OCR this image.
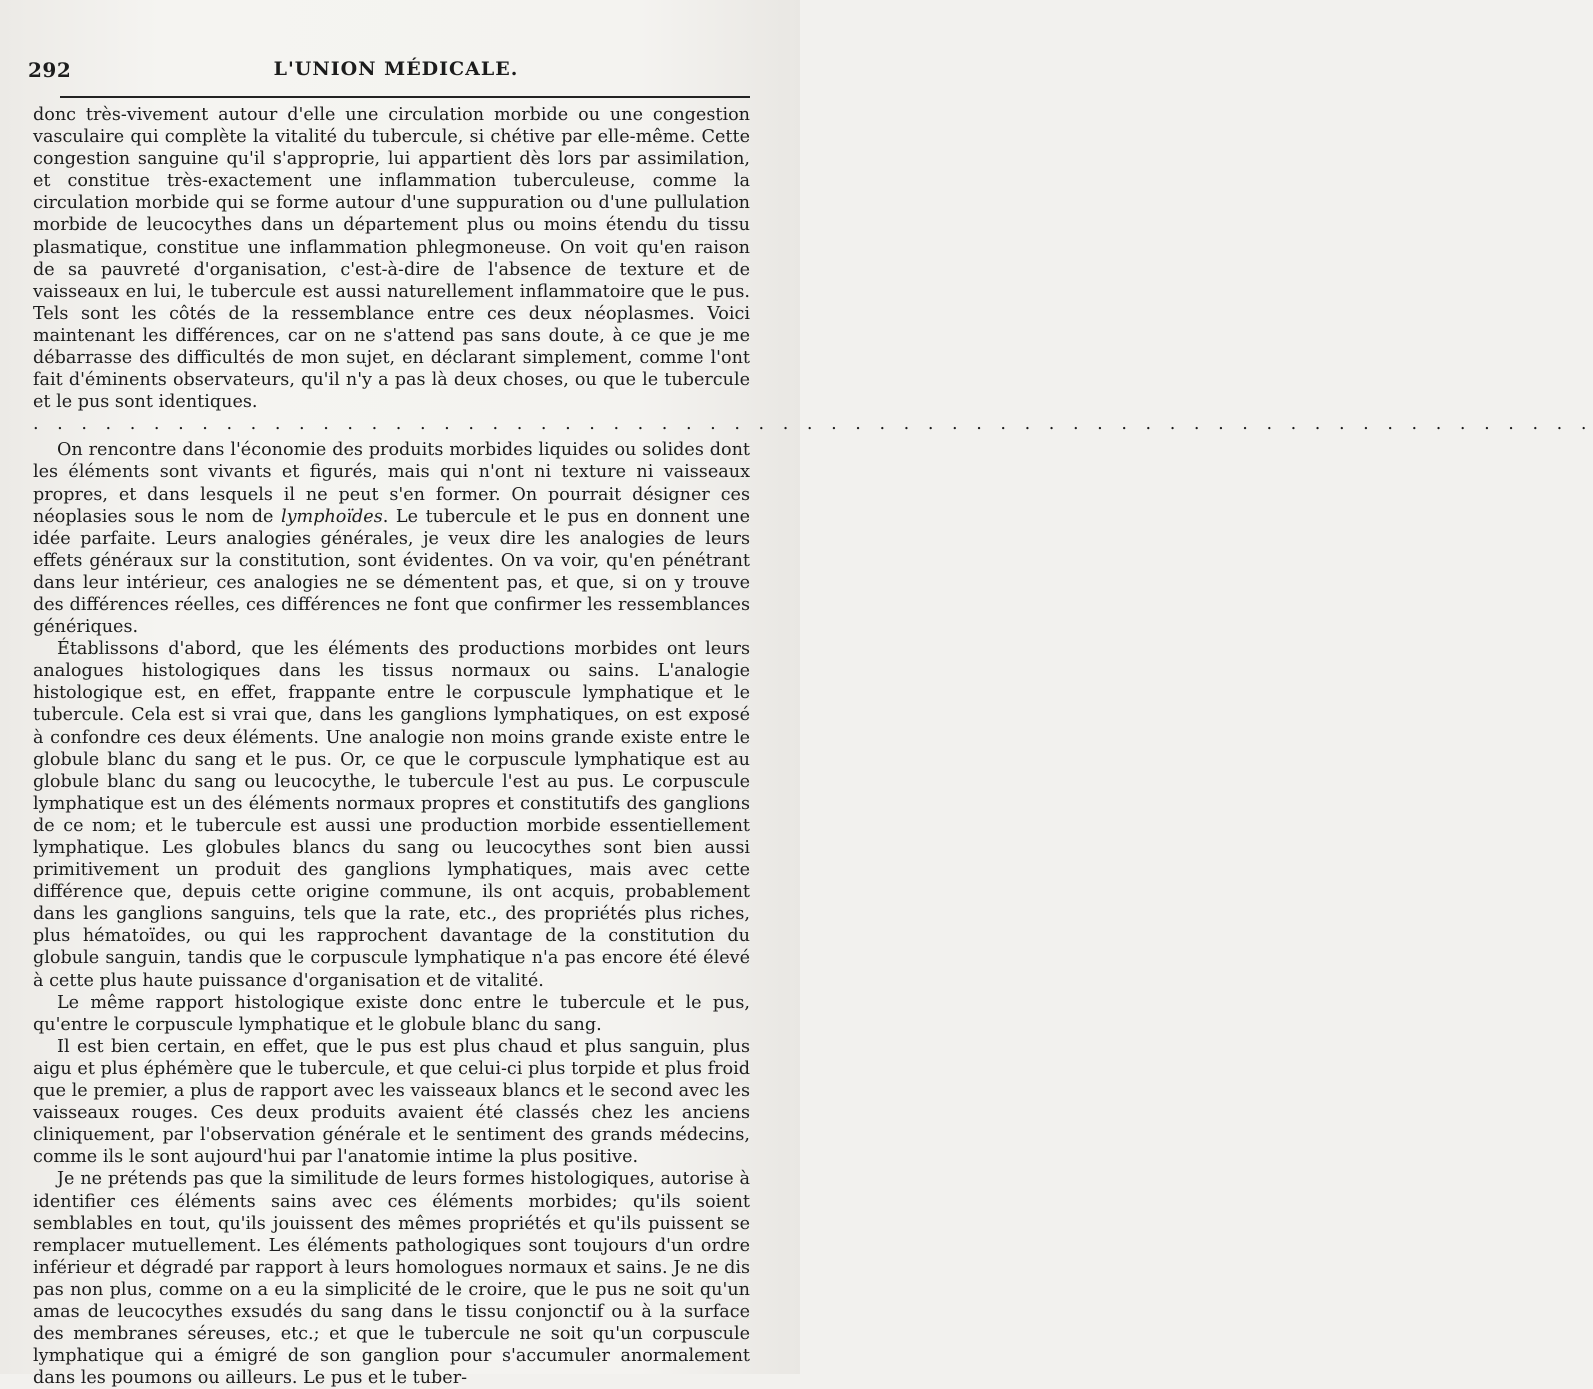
292	L'UNION MÉDICALE.

donc très-vivement autour d'elle une circulation morbide ou une congestion vasculaire qui complète la vitalité du tubercule, si chétive par elle-même. Cette congestion sanguine qu'il s'approprie, lui appartient dès lors par assimilation, et constitue très-exactement une inflammation tuberculeuse, comme la circulation morbide qui se forme autour d'une suppuration ou d'une pullulation morbide de leucocythes dans un département plus ou moins étendu du tissu plasmatique, constitue une inflammation phlegmoneuse. On voit qu'en raison de sa pauvreté d'organisation, c'est-à-dire de l'absence de texture et de vaisseaux en lui, le tubercule est aussi naturellement inflammatoire que le pus. Tels sont les côtés de la ressemblance entre ces deux néoplasmes. Voici maintenant les différences, car on ne s'attend pas sans doute, à ce que je me débarrasse des difficultés de mon sujet, en déclarant simplement, comme l'ont fait d'éminents observateurs, qu'il n'y a pas là deux choses, ou que le tubercule et le pus sont identiques.

. . . . . . . . . . . . . . . . . . . . . . . . . . . . . . . . . . . . . . . . . . . . . . . . . . . . . . . . . . . . . . . . .

On rencontre dans l'économie des produits morbides liquides ou solides dont les éléments sont vivants et figurés, mais qui n'ont ni texture ni vaisseaux propres, et dans lesquels il ne peut s'en former. On pourrait désigner ces néoplasies sous le nom de lymphoïdes. Le tubercule et le pus en donnent une idée parfaite. Leurs analogies générales, je veux dire les analogies de leurs effets généraux sur la constitution, sont évidentes. On va voir, qu'en pénétrant dans leur intérieur, ces analogies ne se démentent pas, et que, si on y trouve des différences réelles, ces différences ne font que confirmer les ressemblances génériques.

Établissons d'abord, que les éléments des productions morbides ont leurs analogues histologiques dans les tissus normaux ou sains. L'analogie histologique est, en effet, frappante entre le corpuscule lymphatique et le tubercule. Cela est si vrai que, dans les ganglions lymphatiques, on est exposé à confondre ces deux éléments. Une analogie non moins grande existe entre le globule blanc du sang et le pus. Or, ce que le corpuscule lymphatique est au globule blanc du sang ou leucocythe, le tubercule l'est au pus. Le corpuscule lymphatique est un des éléments normaux propres et constitutifs des ganglions de ce nom; et le tubercule est aussi une production morbide essentiellement lymphatique. Les globules blancs du sang ou leucocythes sont bien aussi primitivement un produit des ganglions lymphatiques, mais avec cette différence que, depuis cette origine commune, ils ont acquis, probablement dans les ganglions sanguins, tels que la rate, etc., des propriétés plus riches, plus hématoïdes, ou qui les rapprochent davantage de la constitution du globule sanguin, tandis que le corpuscule lymphatique n'a pas encore été élevé à cette plus haute puissance d'organisation et de vitalité.

Le même rapport histologique existe donc entre le tubercule et le pus, qu'entre le corpuscule lymphatique et le globule blanc du sang.

Il est bien certain, en effet, que le pus est plus chaud et plus sanguin, plus aigu et plus éphémère que le tubercule, et que celui-ci plus torpide et plus froid que le premier, a plus de rapport avec les vaisseaux blancs et le second avec les vaisseaux rouges. Ces deux produits avaient été classés chez les anciens cliniquement, par l'observation générale et le sentiment des grands médecins, comme ils le sont aujourd'hui par l'anatomie intime la plus positive.

Je ne prétends pas que la similitude de leurs formes histologiques, autorise à identifier ces éléments sains avec ces éléments morbides; qu'ils soient semblables en tout, qu'ils jouissent des mêmes propriétés et qu'ils puissent se remplacer mutuellement. Les éléments pathologiques sont toujours d'un ordre inférieur et dégradé par rapport à leurs homologues normaux et sains. Je ne dis pas non plus, comme on a eu la simplicité de le croire, que le pus ne soit qu'un amas de leucocythes exsudés du sang dans le tissu conjonctif ou à la surface des membranes séreuses, etc.; et que le tubercule ne soit qu'un corpuscule lymphatique qui a émigré de son ganglion pour s'accumuler anormalement dans les poumons ou ailleurs. Le pus et le tuber-
